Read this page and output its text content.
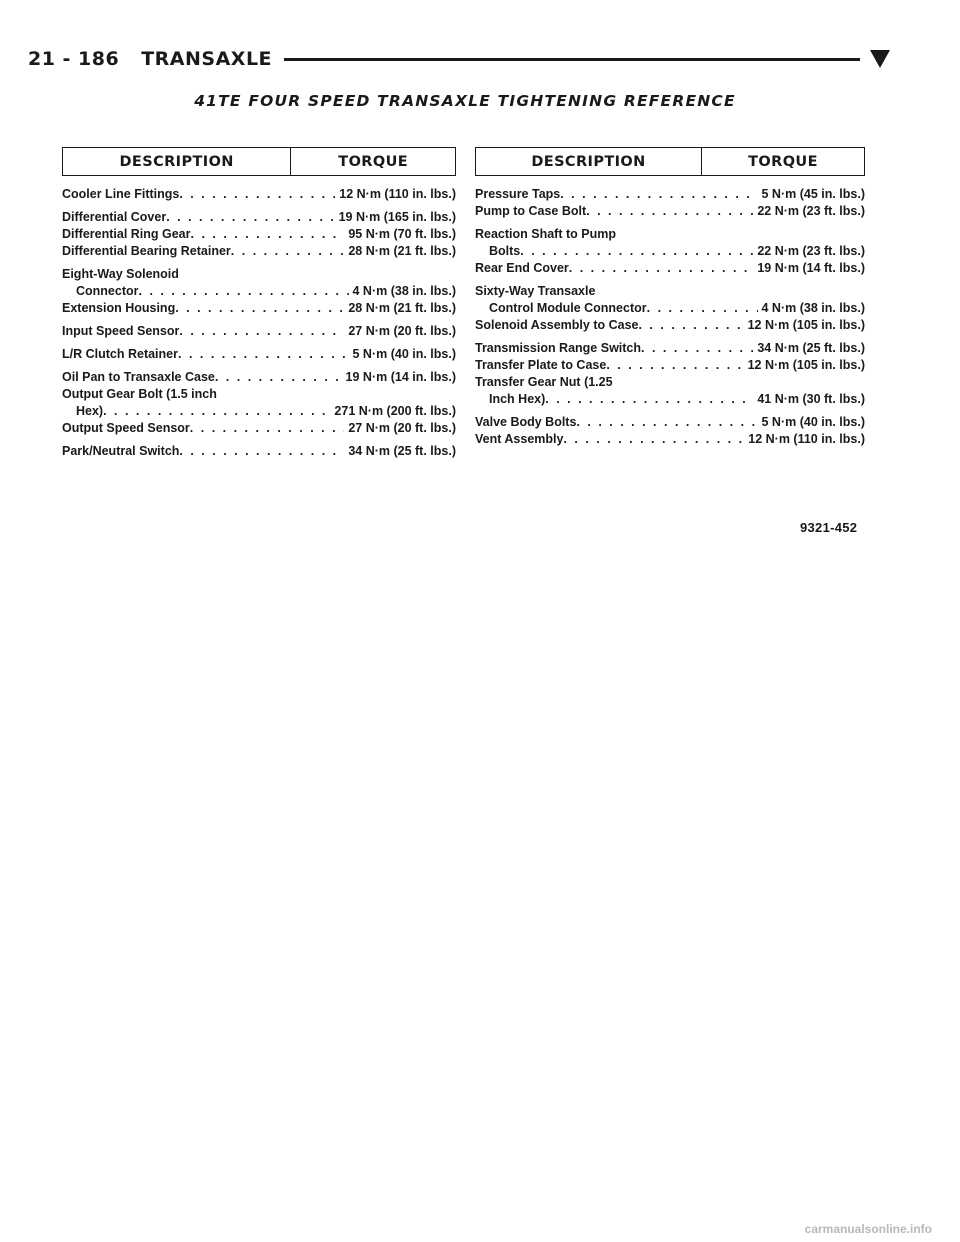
21 - 186 TRANSAXLE
41TE FOUR SPEED TRANSAXLE TIGHTENING REFERENCE
DESCRIPTION	TORQUE
Cooler Line Fittings . . .	12 N·m (110 in. lbs.)
Differential Cover . . .	19 N·m (165 in. lbs.)
Differential Ring Gear . . .	95 N·m (70 ft. lbs.)
Differential Bearing Retainer . . .	28 N·m (21 ft. lbs.)
Eight-Way Solenoid
Connector . . .	4 N·m (38 in. lbs.)
Extension Housing . . .	28 N·m (21 ft. lbs.)
Input Speed Sensor . . .	27 N·m (20 ft. lbs.)
L/R Clutch Retainer . . .	5 N·m (40 in. lbs.)
Oil Pan to Transaxle Case . . .	19 N·m (14 in. lbs.)
Output Gear Bolt (1.5 inch
Hex) . . .	271 N·m (200 ft. lbs.)
Output Speed Sensor . . .	27 N·m (20 ft. lbs.)
Park/Neutral Switch . . .	34 N·m (25 ft. lbs.)
DESCRIPTION	TORQUE
Pressure Taps . . .	5 N·m (45 in. lbs.)
Pump to Case Bolt . . .	22 N·m (23 ft. lbs.)
Reaction Shaft to Pump
Bolts . . .	22 N·m (23 ft. lbs.)
Rear End Cover . . .	19 N·m (14 ft. lbs.)
Sixty-Way Transaxle
Control Module Connector . . .	4 N·m (38 in. lbs.)
Solenoid Assembly to Case . . .	12 N·m (105 in. lbs.)
Transmission Range Switch . . .	34 N·m (25 ft. lbs.)
Transfer Plate to Case . . .	12 N·m (105 in. lbs.)
Transfer Gear Nut (1.25
Inch Hex) . . .	41 N·m (30 ft. lbs.)
Valve Body Bolts . . .	5 N·m (40 in. lbs.)
Vent Assembly . . .	12 N·m (110 in. lbs.)
9321-452
carmanualsonline.info
